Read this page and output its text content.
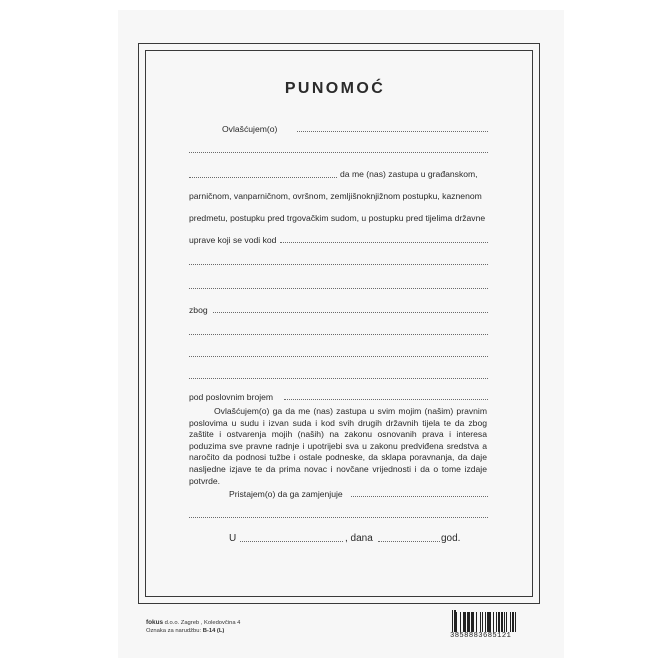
PUNOMOĆ
Ovlašćujem(o)
da me (nas) zastupa u građanskom,
parničnom, vanparničnom, ovršnom, zemljišnoknjižnom postupku, kaznenom
predmetu, postupku pred trgovačkim sudom, u postupku pred tijelima državne
uprave koji se vodi kod
zbog
pod poslovnim brojem
Ovlašćujem(o) ga da me (nas) zastupa u svim mojim (našim) pravnim poslovima u sudu i izvan suda i kod svih drugih državnih tijela te da zbog zaštite i ostvarenja mojih (naših) na zakonu osnovanih prava i interesa poduzima sve pravne radnje i upotrijebi sva u zakonu predviđena sredstva a naročito da podnosi tužbe i ostale podneske, da sklapa poravnanja, da daje nasljedne izjave te da prima novac i novčane vrijednosti i da o tome izdaje potvrde.
Pristajem(o) da ga zamjenjuje
U	, dana	god.
fokus d.o.o. Zagreb , Koledovčina 4
Oznaka za narudžbu: B-14 (L)
3858883685121
